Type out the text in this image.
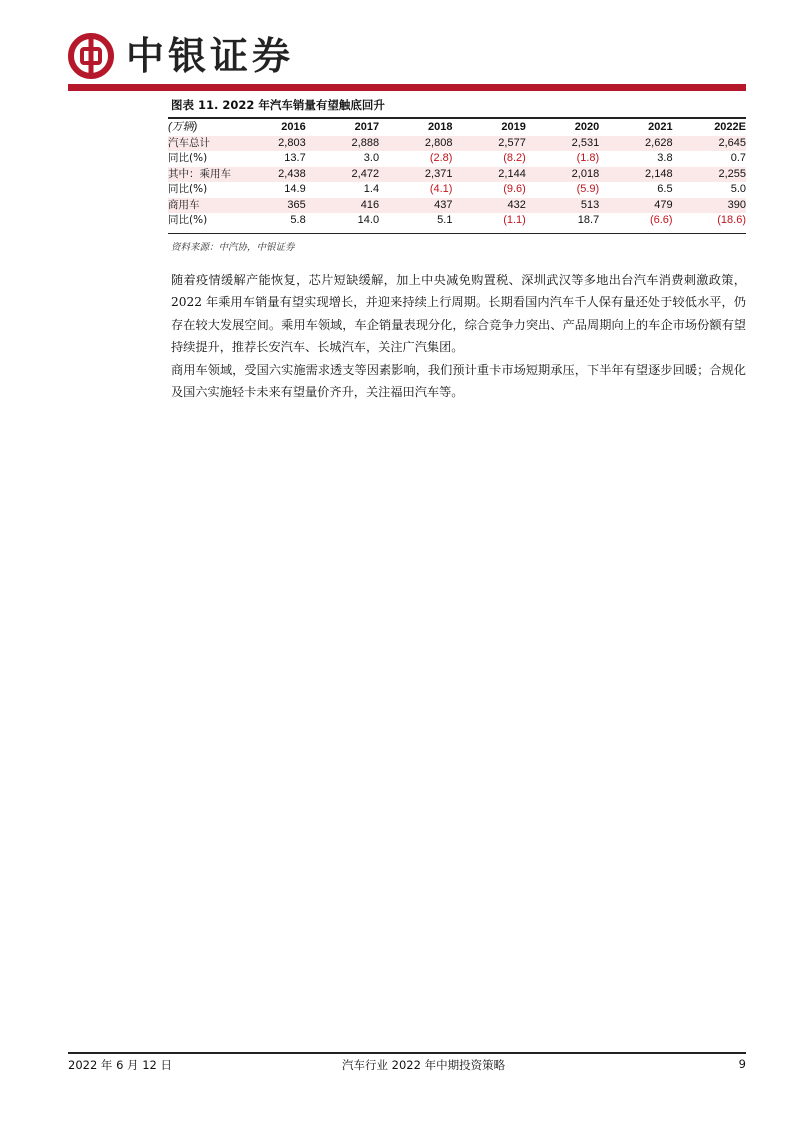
中银证券
图表 11. 2022 年汽车销量有望触底回升
(万辆)	2016	2017	2018	2019	2020	2021	2022E
汽车总计	2,803	2,888	2,808	2,577	2,531	2,628	2,645
同比(%)	13.7	3.0	(2.8)	(8.2)	(1.8)	3.8	0.7
其中：乘用车	2,438	2,472	2,371	2,144	2,018	2,148	2,255
同比(%)	14.9	1.4	(4.1)	(9.6)	(5.9)	6.5	5.0
商用车	365	416	437	432	513	479	390
同比(%)	5.8	14.0	5.1	(1.1)	18.7	(6.6)	(18.6)
资料来源：中汽协，中银证券

随着疫情缓解产能恢复，芯片短缺缓解，加上中央减免购置税、深圳武汉等多地出台汽车消费刺激政策，2022 年乘用车销量有望实现增长，并迎来持续上行周期。长期看国内汽车千人保有量还处于较低水平，仍存在较大发展空间。乘用车领域，车企销量表现分化，综合竞争力突出、产品周期向上的车企市场份额有望持续提升，推荐长安汽车、长城汽车，关注广汽集团。

商用车领域，受国六实施需求透支等因素影响，我们预计重卡市场短期承压，下半年有望逐步回暖；合规化及国六实施轻卡未来有望量价齐升，关注福田汽车等。

2022 年 6 月 12 日	汽车行业 2022 年中期投资策略	9
